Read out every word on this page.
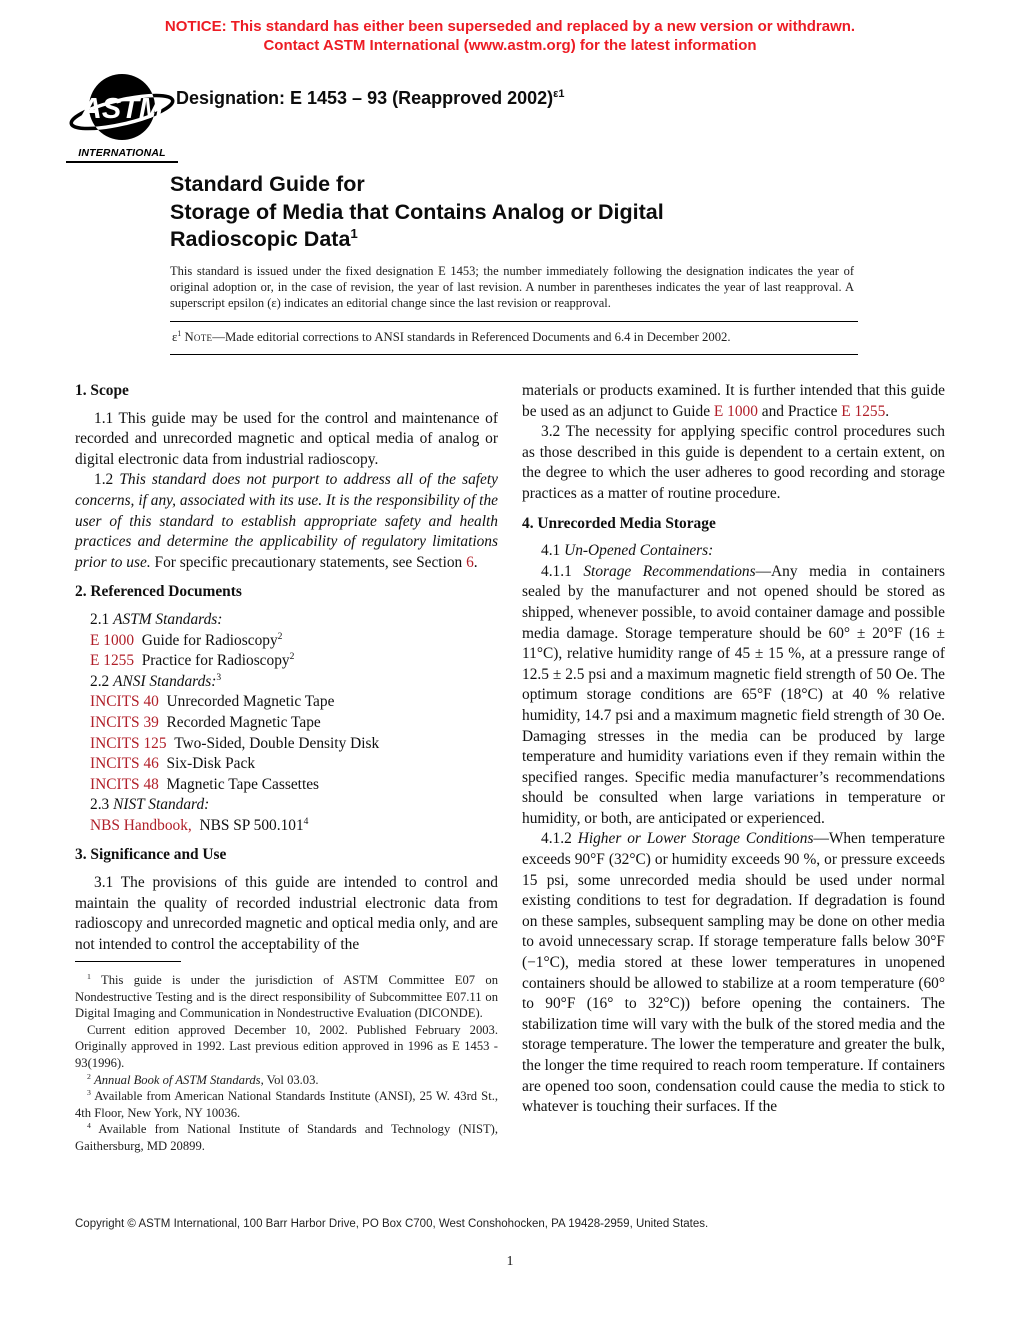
NOTICE: This standard has either been superseded and replaced by a new version or withdrawn.
Contact ASTM International (www.astm.org) for the latest information
ASTM
INTERNATIONAL
Designation: E 1453 – 93 (Reapproved 2002)$^{\varepsilon 1}$
Standard Guide for
Storage of Media that Contains Analog or Digital
Radioscopic Data$^1$
This standard is issued under the fixed designation E 1453; the number immediately following the designation indicates the year of original adoption or, in the case of revision, the year of last revision. A number in parentheses indicates the year of last reapproval. A superscript epsilon (ε) indicates an editorial change since the last revision or reapproval.
$\varepsilon^1$ Note—Made editorial corrections to ANSI standards in Referenced Documents and 6.4 in December 2002.
1. Scope

1.1 This guide may be used for the control and maintenance of recorded and unrecorded magnetic and optical media of analog or digital electronic data from industrial radioscopy.

1.2 This standard does not purport to address all of the safety concerns, if any, associated with its use. It is the responsibility of the user of this standard to establish appropriate safety and health practices and determine the applicability of regulatory limitations prior to use. For specific precautionary statements, see Section 6.

2. Referenced Documents

2.1 ASTM Standards:

E 1000 Guide for Radioscopy$^2$

E 1255 Practice for Radioscopy$^2$

2.2 ANSI Standards:$^3$

INCITS 40 Unrecorded Magnetic Tape

INCITS 39 Recorded Magnetic Tape

INCITS 125 Two-Sided, Double Density Disk

INCITS 46 Six-Disk Pack

INCITS 48 Magnetic Tape Cassettes

2.3 NIST Standard:

NBS Handbook, NBS SP 500.101$^4$

3. Significance and Use

3.1 The provisions of this guide are intended to control and maintain the quality of recorded industrial electronic data from radioscopy and unrecorded magnetic and optical media only, and are not intended to control the acceptability of the

$^1$ This guide is under the jurisdiction of ASTM Committee E07 on Nondestructive Testing and is the direct responsibility of Subcommittee E07.11 on Digital Imaging and Communication in Nondestructive Evaluation (DICONDE).

Current edition approved December 10, 2002. Published February 2003. Originally approved in 1992. Last previous edition approved in 1996 as E 1453 - 93(1996).

$^2$ Annual Book of ASTM Standards, Vol 03.03.

$^3$ Available from American National Standards Institute (ANSI), 25 W. 43rd St., 4th Floor, New York, NY 10036.

$^4$ Available from National Institute of Standards and Technology (NIST), Gaithersburg, MD 20899.

materials or products examined. It is further intended that this guide be used as an adjunct to Guide E 1000 and Practice E 1255.

3.2 The necessity for applying specific control procedures such as those described in this guide is dependent to a certain extent, on the degree to which the user adheres to good recording and storage practices as a matter of routine procedure.

4. Unrecorded Media Storage

4.1 Un-Opened Containers:

4.1.1 Storage Recommendations—Any media in containers sealed by the manufacturer and not opened should be stored as shipped, whenever possible, to avoid container damage and possible media damage. Storage temperature should be 60° ± 20°F (16 ± 11°C), relative humidity range of 45 ± 15 %, at a pressure range of 12.5 ± 2.5 psi and a maximum magnetic field strength of 50 Oe. The optimum storage conditions are 65°F (18°C) at 40 % relative humidity, 14.7 psi and a maximum magnetic field strength of 30 Oe. Damaging stresses in the media can be produced by large temperature and humidity variations even if they remain within the specified ranges. Specific media manufacturer’s recommendations should be consulted when large variations in temperature or humidity, or both, are anticipated or experienced.

4.1.2 Higher or Lower Storage Conditions—When temperature exceeds 90°F (32°C) or humidity exceeds 90 %, or pressure exceeds 15 psi, some unrecorded media should be used under normal existing conditions to test for degradation. If degradation is found on these samples, subsequent sampling may be done on other media to avoid unnecessary scrap. If storage temperature falls below 30°F (−1°C), media stored at these lower temperatures in unopened containers should be allowed to stabilize at a room temperature (60° to 90°F (16° to 32°C)) before opening the containers. The stabilization time will vary with the bulk of the stored media and the storage temperature. The lower the temperature and greater the bulk, the longer the time required to reach room temperature. If containers are opened too soon, condensation could cause the media to stick to whatever is touching their surfaces. If the

Copyright © ASTM International, 100 Barr Harbor Drive, PO Box C700, West Conshohocken, PA 19428-2959, United States.
1
